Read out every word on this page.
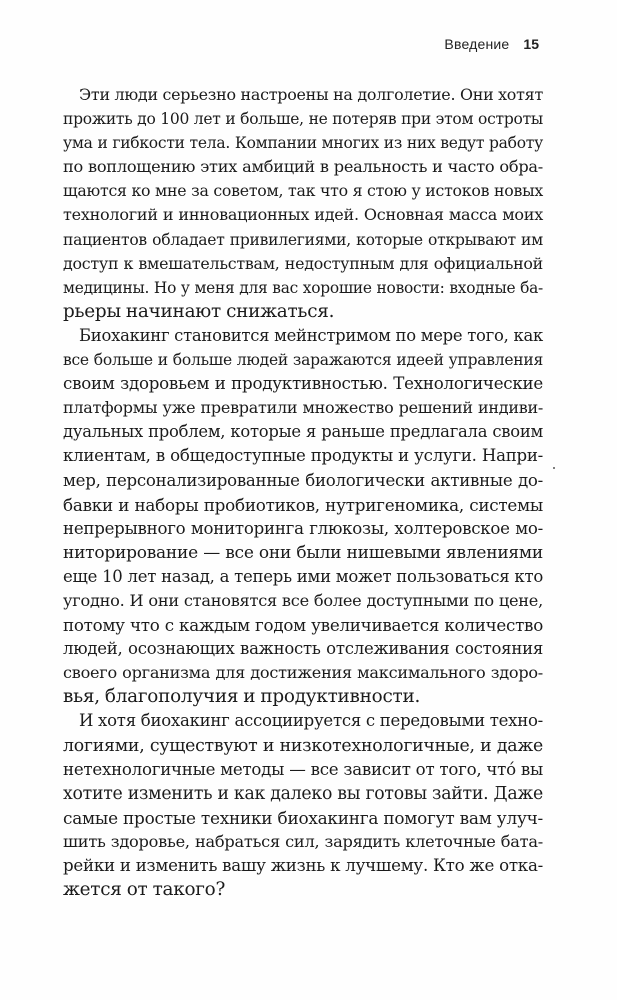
Введение 15
Эти люди серьезно настроены на долголетие. Они хотят
прожить до 100 лет и больше, не потеряв при этом остроты
ума и гибкости тела. Компании многих из них ведут работу
по воплощению этих амбиций в реальность и часто обра-
щаются ко мне за советом, так что я стою у истоков новых
технологий и инновационных идей. Основная масса моих
пациентов обладает привилегиями, которые открывают им
доступ к вмешательствам, недоступным для официальной
медицины. Но у меня для вас хорошие новости: входные ба-
рьеры начинают снижаться.
Биохакинг становится мейнстримом по мере того, как
все больше и больше людей заражаются идеей управления
своим здоровьем и продуктивностью. Технологические
платформы уже превратили множество решений индиви-
дуальных проблем, которые я раньше предлагала своим
клиентам, в общедоступные продукты и услуги. Напри-
мер, персонализированные биологически активные до-
бавки и наборы пробиотиков, нутригеномика, системы
непрерывного мониторинга глюкозы, холтеровское мо-
ниторирование — все они были нишевыми явлениями
еще 10 лет назад, а теперь ими может пользоваться кто
угодно. И они становятся все более доступными по цене,
потому что с каждым годом увеличивается количество
людей, осознающих важность отслеживания состояния
своего организма для достижения максимального здоро-
вья, благополучия и продуктивности.
И хотя биохакинг ассоциируется с передовыми техно-
логиями, существуют и низкотехнологичные, и даже
нетехнологичные методы — все зависит от того, что́ вы
хотите изменить и как далеко вы готовы зайти. Даже
самые простые техники биохакинга помогут вам улуч-
шить здоровье, набраться сил, зарядить клеточные бата-
рейки и изменить вашу жизнь к лучшему. Кто же отка-
жется от такого?
